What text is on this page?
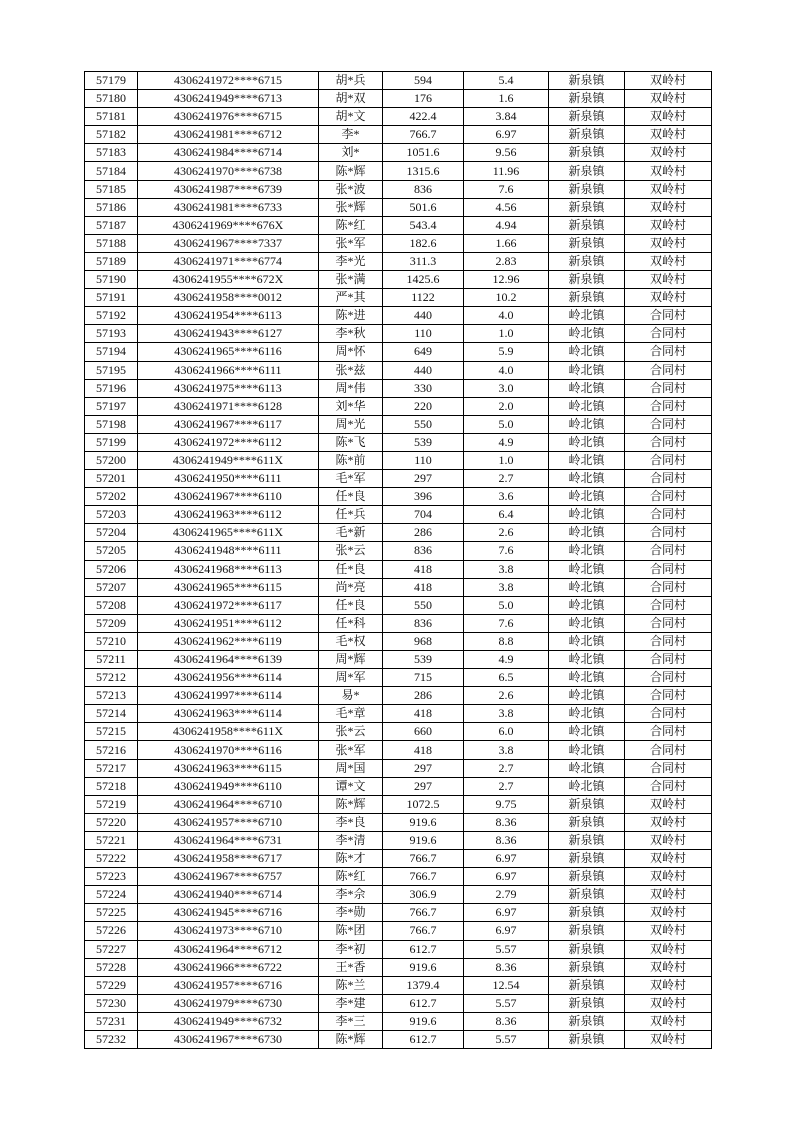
57179	4306241972****6715	胡*兵	594	5.4	新泉镇	双岭村
57180	4306241949****6713	胡*双	176	1.6	新泉镇	双岭村
57181	4306241976****6715	胡*文	422.4	3.84	新泉镇	双岭村
57182	4306241981****6712	李*	766.7	6.97	新泉镇	双岭村
57183	4306241984****6714	刘*	1051.6	9.56	新泉镇	双岭村
57184	4306241970****6738	陈*辉	1315.6	11.96	新泉镇	双岭村
57185	4306241987****6739	张*波	836	7.6	新泉镇	双岭村
57186	4306241981****6733	张*辉	501.6	4.56	新泉镇	双岭村
57187	4306241969****676X	陈*红	543.4	4.94	新泉镇	双岭村
57188	4306241967****7337	张*军	182.6	1.66	新泉镇	双岭村
57189	4306241971****6774	李*光	311.3	2.83	新泉镇	双岭村
57190	4306241955****672X	张*满	1425.6	12.96	新泉镇	双岭村
57191	4306241958****0012	严*其	1122	10.2	新泉镇	双岭村
57192	4306241954****6113	陈*进	440	4.0	岭北镇	合同村
57193	4306241943****6127	李*秋	110	1.0	岭北镇	合同村
57194	4306241965****6116	周*怀	649	5.9	岭北镇	合同村
57195	4306241966****6111	张*兹	440	4.0	岭北镇	合同村
57196	4306241975****6113	周*伟	330	3.0	岭北镇	合同村
57197	4306241971****6128	刘*华	220	2.0	岭北镇	合同村
57198	4306241967****6117	周*光	550	5.0	岭北镇	合同村
57199	4306241972****6112	陈*飞	539	4.9	岭北镇	合同村
57200	4306241949****611X	陈*前	110	1.0	岭北镇	合同村
57201	4306241950****6111	毛*军	297	2.7	岭北镇	合同村
57202	4306241967****6110	任*良	396	3.6	岭北镇	合同村
57203	4306241963****6112	任*兵	704	6.4	岭北镇	合同村
57204	4306241965****611X	毛*新	286	2.6	岭北镇	合同村
57205	4306241948****6111	张*云	836	7.6	岭北镇	合同村
57206	4306241968****6113	任*良	418	3.8	岭北镇	合同村
57207	4306241965****6115	尚*亮	418	3.8	岭北镇	合同村
57208	4306241972****6117	任*良	550	5.0	岭北镇	合同村
57209	4306241951****6112	任*科	836	7.6	岭北镇	合同村
57210	4306241962****6119	毛*权	968	8.8	岭北镇	合同村
57211	4306241964****6139	周*辉	539	4.9	岭北镇	合同村
57212	4306241956****6114	周*军	715	6.5	岭北镇	合同村
57213	4306241997****6114	易*	286	2.6	岭北镇	合同村
57214	4306241963****6114	毛*章	418	3.8	岭北镇	合同村
57215	4306241958****611X	张*云	660	6.0	岭北镇	合同村
57216	4306241970****6116	张*军	418	3.8	岭北镇	合同村
57217	4306241963****6115	周*国	297	2.7	岭北镇	合同村
57218	4306241949****6110	谭*文	297	2.7	岭北镇	合同村
57219	4306241964****6710	陈*辉	1072.5	9.75	新泉镇	双岭村
57220	4306241957****6710	李*良	919.6	8.36	新泉镇	双岭村
57221	4306241964****6731	李*清	919.6	8.36	新泉镇	双岭村
57222	4306241958****6717	陈*才	766.7	6.97	新泉镇	双岭村
57223	4306241967****6757	陈*红	766.7	6.97	新泉镇	双岭村
57224	4306241940****6714	李*佘	306.9	2.79	新泉镇	双岭村
57225	4306241945****6716	李*勋	766.7	6.97	新泉镇	双岭村
57226	4306241973****6710	陈*团	766.7	6.97	新泉镇	双岭村
57227	4306241964****6712	李*初	612.7	5.57	新泉镇	双岭村
57228	4306241966****6722	王*香	919.6	8.36	新泉镇	双岭村
57229	4306241957****6716	陈*兰	1379.4	12.54	新泉镇	双岭村
57230	4306241979****6730	李*建	612.7	5.57	新泉镇	双岭村
57231	4306241949****6732	李*三	919.6	8.36	新泉镇	双岭村
57232	4306241967****6730	陈*辉	612.7	5.57	新泉镇	双岭村
